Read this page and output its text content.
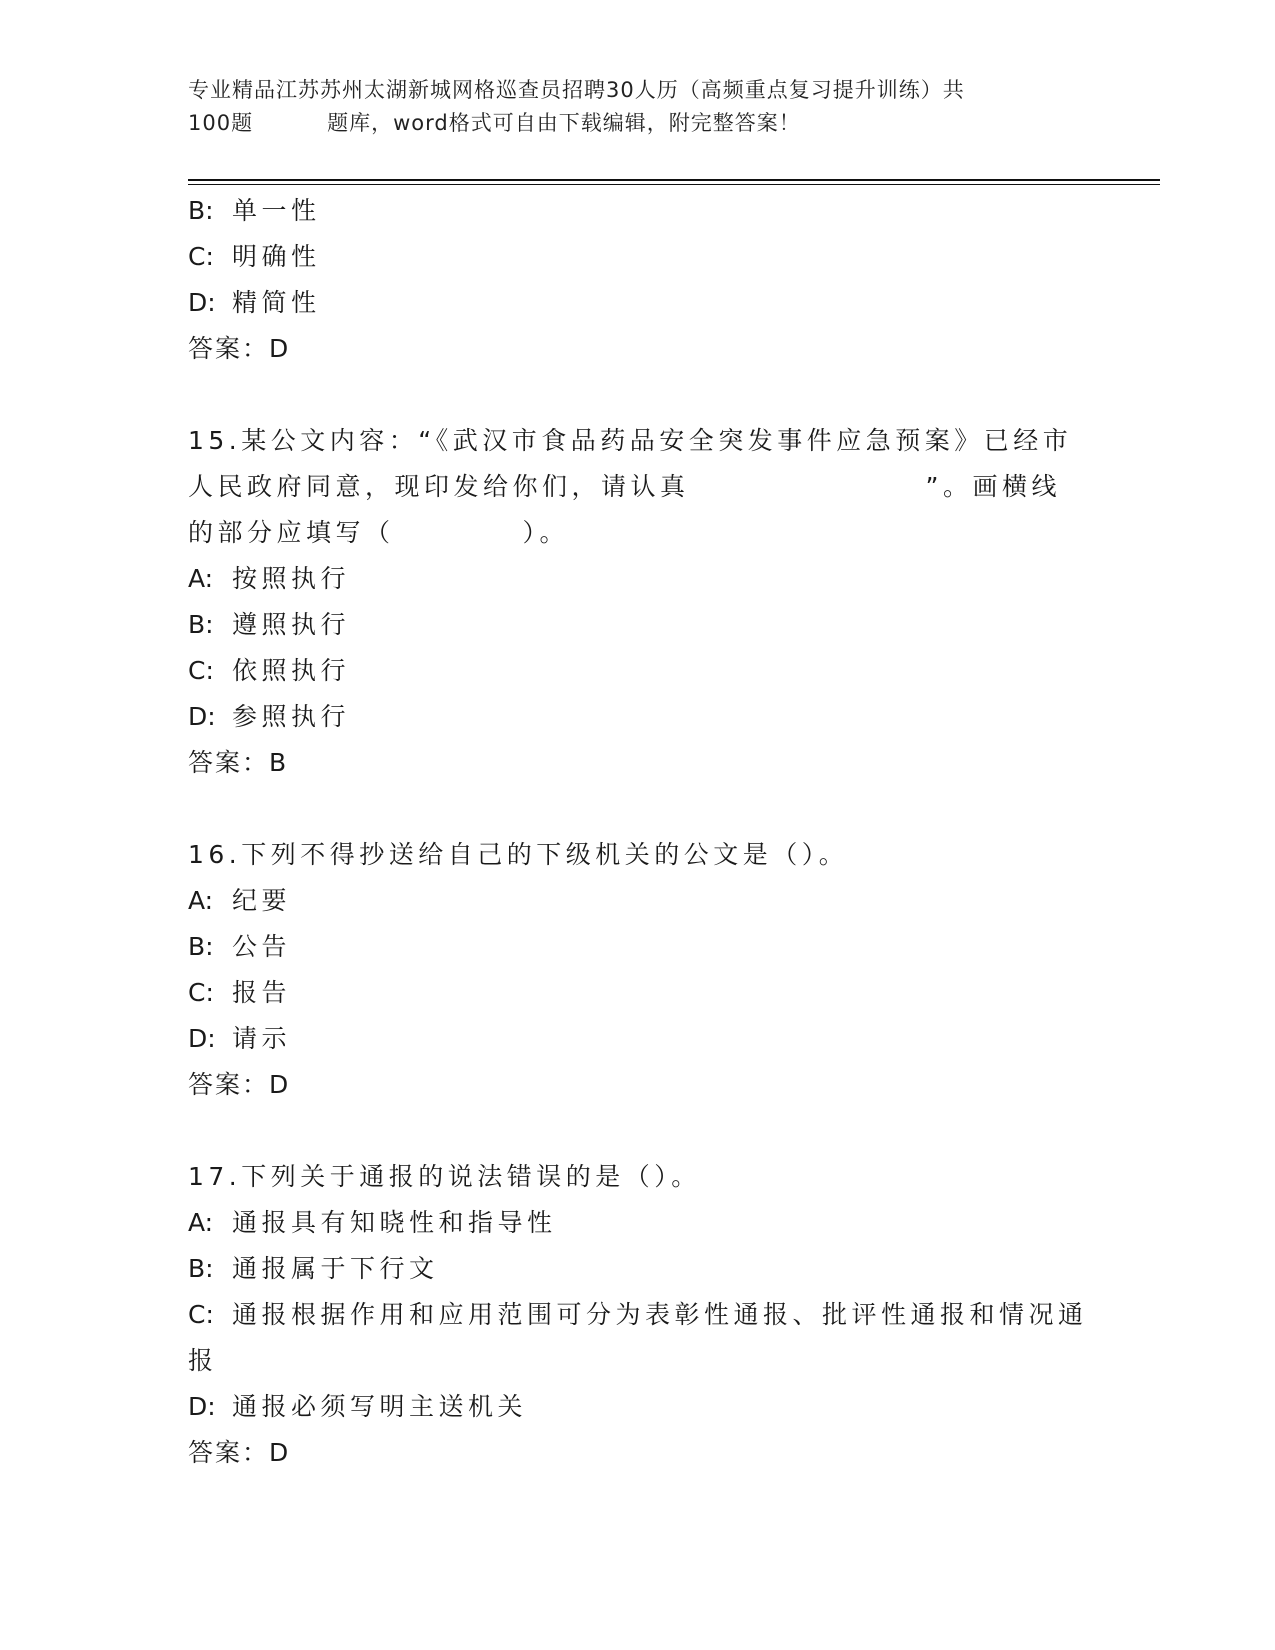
专业精品江苏苏州太湖新城网格巡查员招聘30人历（高频重点复习提升训练）共
100题	题库，word格式可自由下载编辑，附完整答案！
B: 单一性
C: 明确性
D: 精简性
答案：D
15.某公文内容：“《武汉市食品药品安全突发事件应急预案》已经市
人民政府同意，现印发给你们，请认真	”。画横线
的部分应填写（	）。
A: 按照执行
B: 遵照执行
C: 依照执行
D: 参照执行
答案：B
16.下列不得抄送给自己的下级机关的公文是（）。
A: 纪要
B: 公告
C: 报告
D: 请示
答案：D
17.下列关于通报的说法错误的是（）。
A: 通报具有知晓性和指导性
B: 通报属于下行文
C: 通报根据作用和应用范围可分为表彰性通报、批评性通报和情况通
报
D: 通报必须写明主送机关
答案：D
